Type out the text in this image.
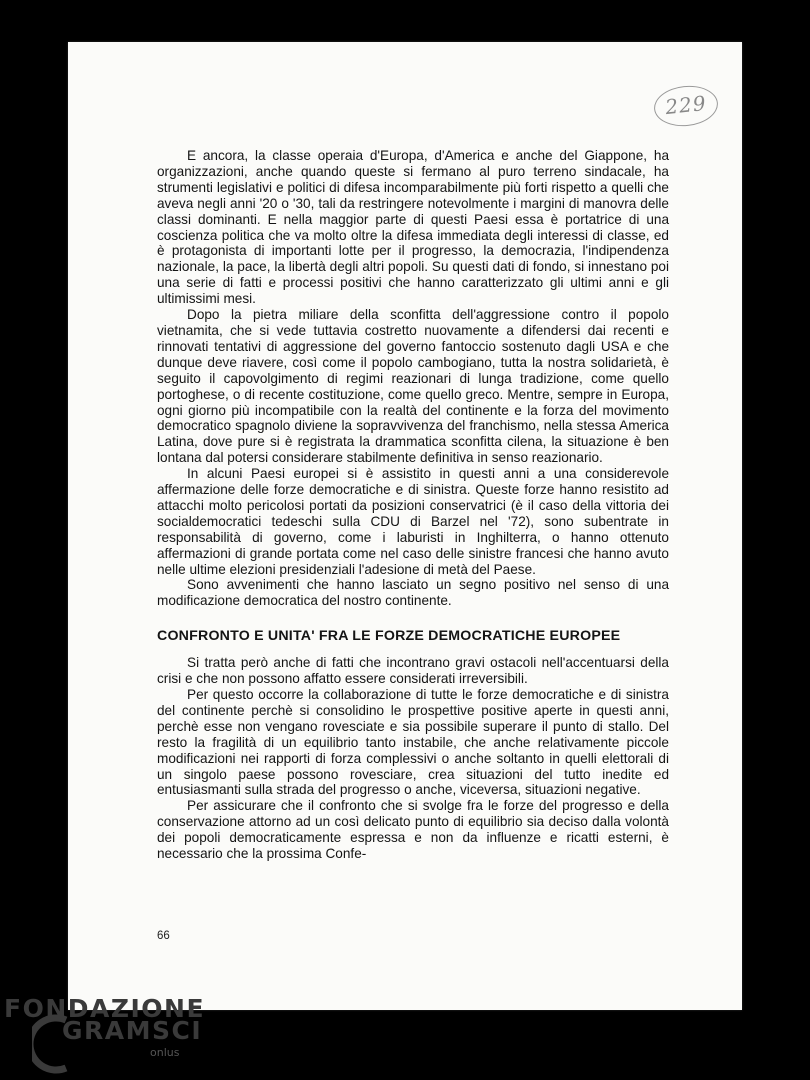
229

E ancora, la classe operaia d'Europa, d'America e anche del Giappone, ha organizzazioni, anche quando queste si fermano al puro terreno sindacale, ha strumenti legislativi e politici di difesa incomparabilmente più forti rispetto a quelli che aveva negli anni '20 o '30, tali da restringere notevolmente i margini di manovra delle classi dominanti. E nella maggior parte di questi Paesi essa è portatrice di una coscienza politica che va molto oltre la difesa immediata degli interessi di classe, ed è protagonista di importanti lotte per il progresso, la democrazia, l'indipendenza nazionale, la pace, la libertà degli altri popoli. Su questi dati di fondo, si innestano poi una serie di fatti e processi positivi che hanno caratterizzato gli ultimi anni e gli ultimissimi mesi.

Dopo la pietra miliare della sconfitta dell'aggressione contro il popolo vietnamita, che si vede tuttavia costretto nuovamente a difendersi dai recenti e rinnovati tentativi di aggressione del governo fantoccio sostenuto dagli USA e che dunque deve riavere, così come il popolo cambogiano, tutta la nostra solidarietà, è seguito il capovolgimento di regimi reazionari di lunga tradizione, come quello portoghese, o di recente costituzione, come quello greco. Mentre, sempre in Europa, ogni giorno più incompatibile con la realtà del continente e la forza del movimento democratico spagnolo diviene la sopravvivenza del franchismo, nella stessa America Latina, dove pure si è registrata la drammatica sconfitta cilena, la situazione è ben lontana dal potersi considerare stabilmente definitiva in senso reazionario.

In alcuni Paesi europei si è assistito in questi anni a una considerevole affermazione delle forze democratiche e di sinistra. Queste forze hanno resistito ad attacchi molto pericolosi portati da posizioni conservatrici (è il caso della vittoria dei socialdemocratici tedeschi sulla CDU di Barzel nel '72), sono subentrate in responsabilità di governo, come i laburisti in Inghilterra, o hanno ottenuto affermazioni di grande portata come nel caso delle sinistre francesi che hanno avuto nelle ultime elezioni presidenziali l'adesione di metà del Paese.

Sono avvenimenti che hanno lasciato un segno positivo nel senso di una modificazione democratica del nostro continente.

CONFRONTO E UNITA' FRA LE FORZE DEMOCRATICHE EUROPEE

Si tratta però anche di fatti che incontrano gravi ostacoli nell'accentuarsi della crisi e che non possono affatto essere considerati irreversibili.

Per questo occorre la collaborazione di tutte le forze democratiche e di sinistra del continente perchè si consolidino le prospettive positive aperte in questi anni, perchè esse non vengano rovesciate e sia possibile superare il punto di stallo. Del resto la fragilità di un equilibrio tanto instabile, che anche relativamente piccole modificazioni nei rapporti di forza complessivi o anche soltanto in quelli elettorali di un singolo paese possono rovesciare, crea situazioni del tutto inedite ed entusiasmanti sulla strada del progresso o anche, viceversa, situazioni negative.

Per assicurare che il confronto che si svolge fra le forze del progresso e della conservazione attorno ad un così delicato punto di equilibrio sia deciso dalla volontà dei popoli democraticamente espressa e non da influenze e ricatti esterni, è necessario che la prossima Confe-

66
FONDAZIONE
GRAMSCI
onlus
